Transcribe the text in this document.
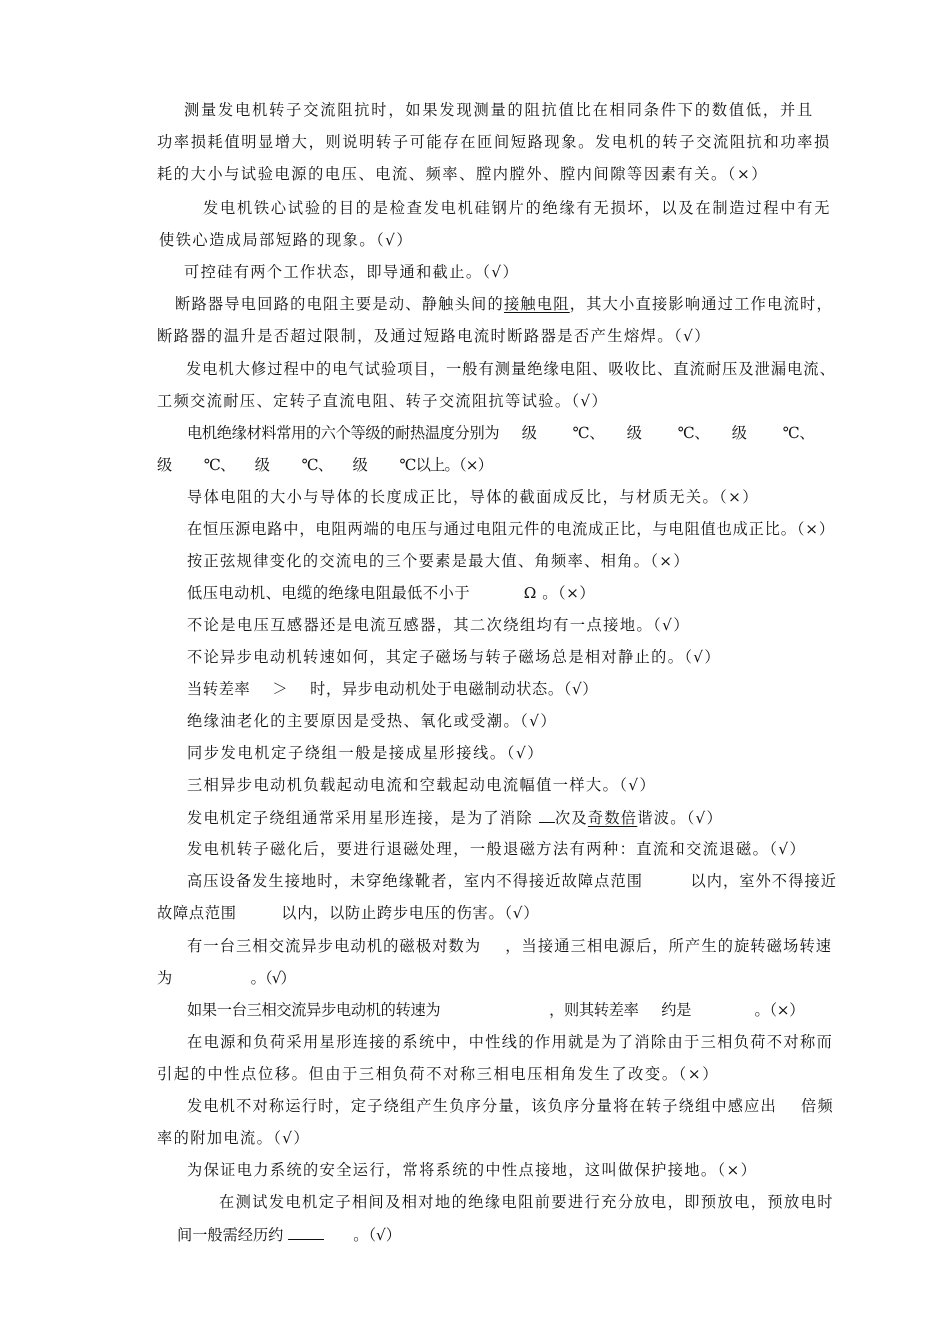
测量发电机转子交流阻抗时，如果发现测量的阻抗值比在相同条件下的数值低，并且
功率损耗值明显增大，则说明转子可能存在匝间短路现象。发电机的转子交流阻抗和功率损
耗的大小与试验电源的电压、电流、频率、膛内膛外、膛内间隙等因素有关。（×）
发电机铁心试验的目的是检查发电机硅钢片的绝缘有无损坏，以及在制造过程中有无
使铁心造成局部短路的现象。（√）
可控硅有两个工作状态，即导通和截止。（√）
断路器导电回路的电阻主要是动、静触头间的接触电阻，其大小直接影响通过工作电流时，
断路器的温升是否超过限制，及通过短路电流时断路器是否产生熔焊。（√）
发电机大修过程中的电气试验项目，一般有测量绝缘电阻、吸收比、直流耐压及泄漏电流、
工频交流耐压、定转子直流电阻、转子交流阻抗等试验。（√）
电机绝缘材料常用的六个等级的耐热温度分别为     级        ℃、     级        ℃、     级        ℃、
级        ℃、     级        ℃、     级        ℃以上。（×）
导体电阻的大小与导体的长度成正比，导体的截面成反比，与材质无关。（×）
在恒压源电路中，电阻两端的电压与通过电阻元件的电流成正比，与电阻值也成正比。（×）
按正弦规律变化的交流电的三个要素是最大值、角频率、相角。（×）
低压电动机、电缆的绝缘电阻最低不小于          Ω 。（×）
不论是电压互感器还是电流互感器，其二次绕组均有一点接地。（√）
不论异步电动机转速如何，其定子磁场与转子磁场总是相对静止的。（√）
当转差率    ＞    时，异步电动机处于电磁制动状态。（√）
绝缘油老化的主要原因是受热、氧化或受潮。（√）
同步发电机定子绕组一般是接成星形接线。（√）
三相异步电动机负载起动电流和空载起动电流幅值一样大。（√）
发电机定子绕组通常采用星形连接，是为了消除 次及奇数倍谐波。（√）
发电机转子磁化后，要进行退磁处理，一般退磁方法有两种：直流和交流退磁。（√）
高压设备发生接地时，未穿绝缘靴者，室内不得接近故障点范围        以内，室外不得接近
故障点范围        以内，以防止跨步电压的伤害。（√）
有一台三相交流异步电动机的磁极对数为    ，当接通三相电源后，所产生的旋转磁场转速
为                    。（√）
如果一台三相交流异步电动机的转速为                        ，则其转差率     约是              。（×）
在电源和负荷采用星形连接的系统中，中性线的作用就是为了消除由于三相负荷不对称而
引起的中性点位移。但由于三相负荷不对称三相电压相角发生了改变。（×）
发电机不对称运行时，定子绕组产生负序分量，该负序分量将在转子绕组中感应出    倍频
率的附加电流。（√）
为保证电力系统的安全运行，常将系统的中性点接地，这叫做保护接地。（×）
在测试发电机定子相间及相对地的绝缘电阻前要进行充分放电，即预放电，预放电时
间一般需经历约       。（√）
